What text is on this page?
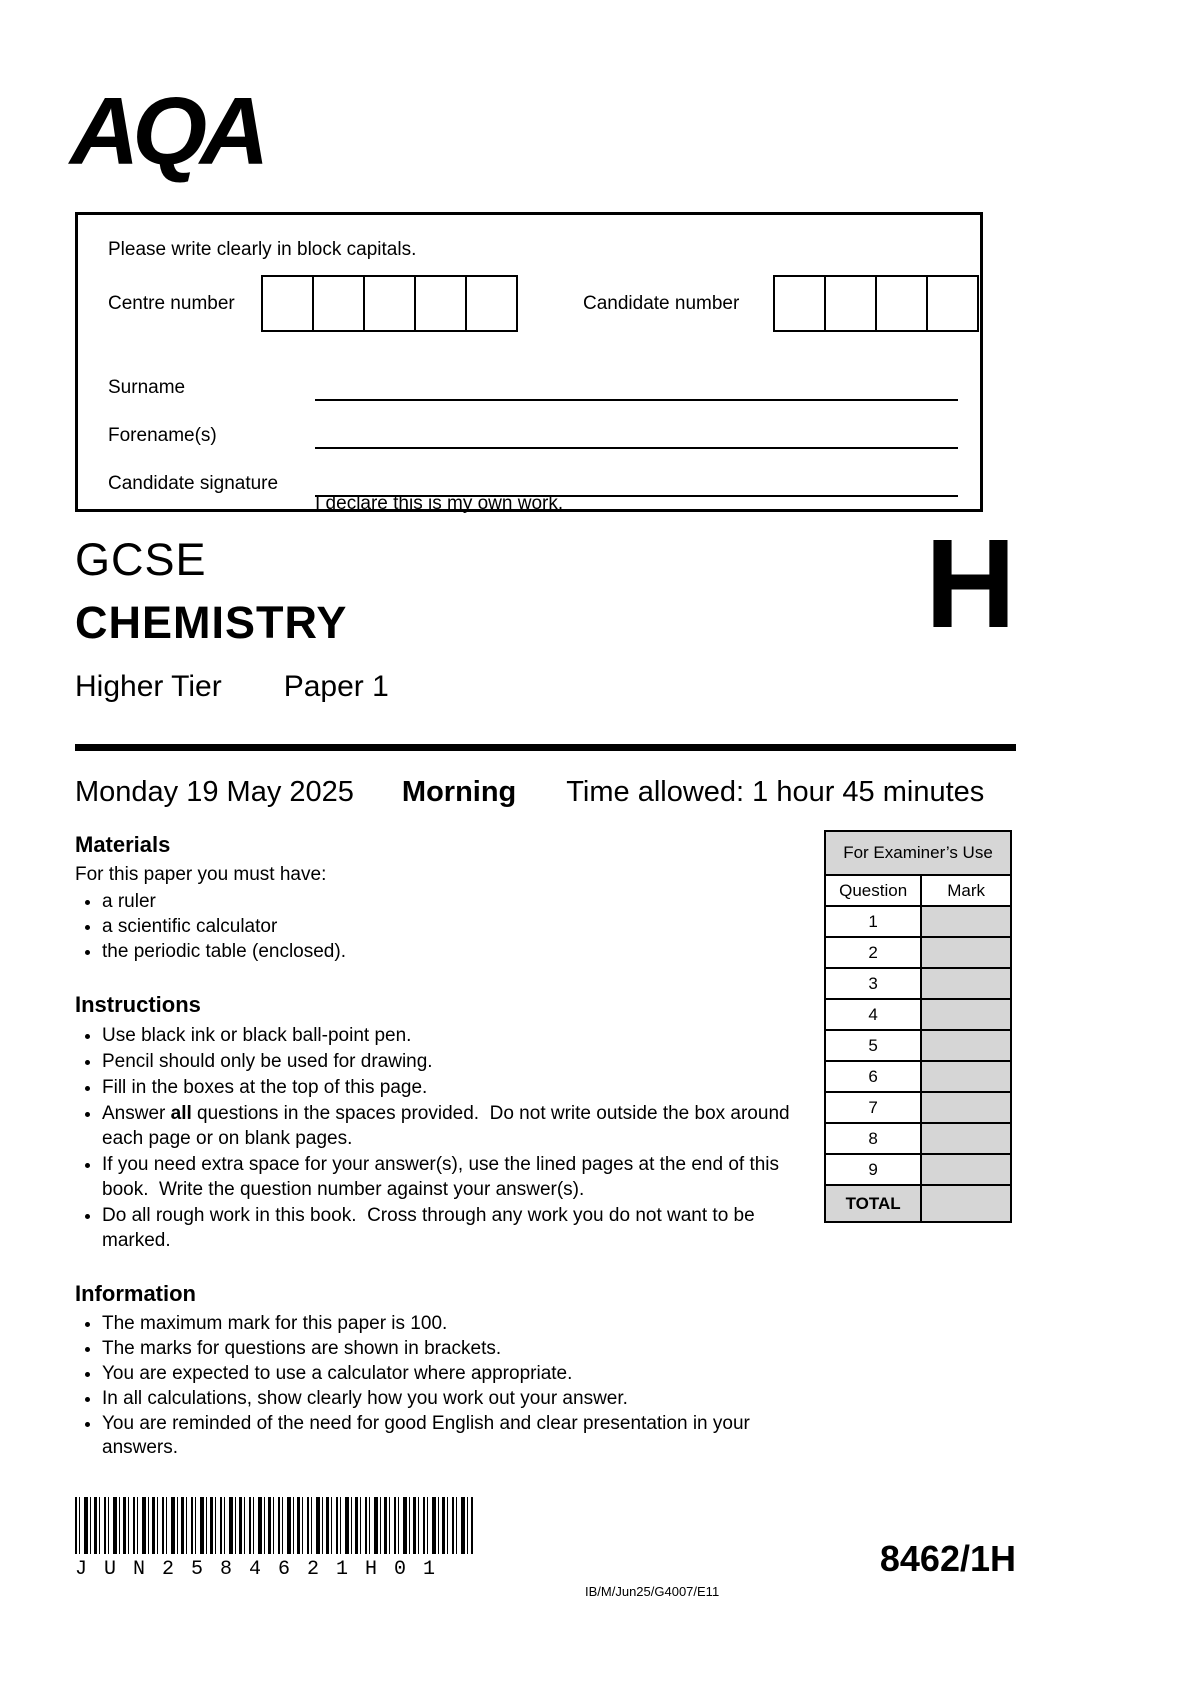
AQA
Please write clearly in block capitals.
Centre number	Candidate number
Surname
Forename(s)
Candidate signature
I declare this is my own work.
GCSE
CHEMISTRY	H
Higher Tier Paper 1
Monday 19 May 2025 Morning Time allowed: 1 hour 45 minutes
Materials
For this paper you must have:
• a ruler
• a scientific calculator
• the periodic table (enclosed).
Instructions
• Use black ink or black ball-point pen.
• Pencil should only be used for drawing.
• Fill in the boxes at the top of this page.
• Answer all questions in the spaces provided.  Do not write outside the box around each page or on blank pages.
• If you need extra space for your answer(s), use the lined pages at the end of this book.  Write the question number against your answer(s).
• Do all rough work in this book.  Cross through any work you do not want to be marked.
Information
• The maximum mark for this paper is 100.
• The marks for questions are shown in brackets.
• You are expected to use a calculator where appropriate.
• In all calculations, show clearly how you work out your answer.
• You are reminded of the need for good English and clear presentation in your answers.
For Examiner’s Use	
Question	Mark
1	
2	
3	
4	
5	
6	
7	
8	
9	
TOTAL	
JUN2584621H01
IB/M/Jun25/G4007/E11
8462/1H
